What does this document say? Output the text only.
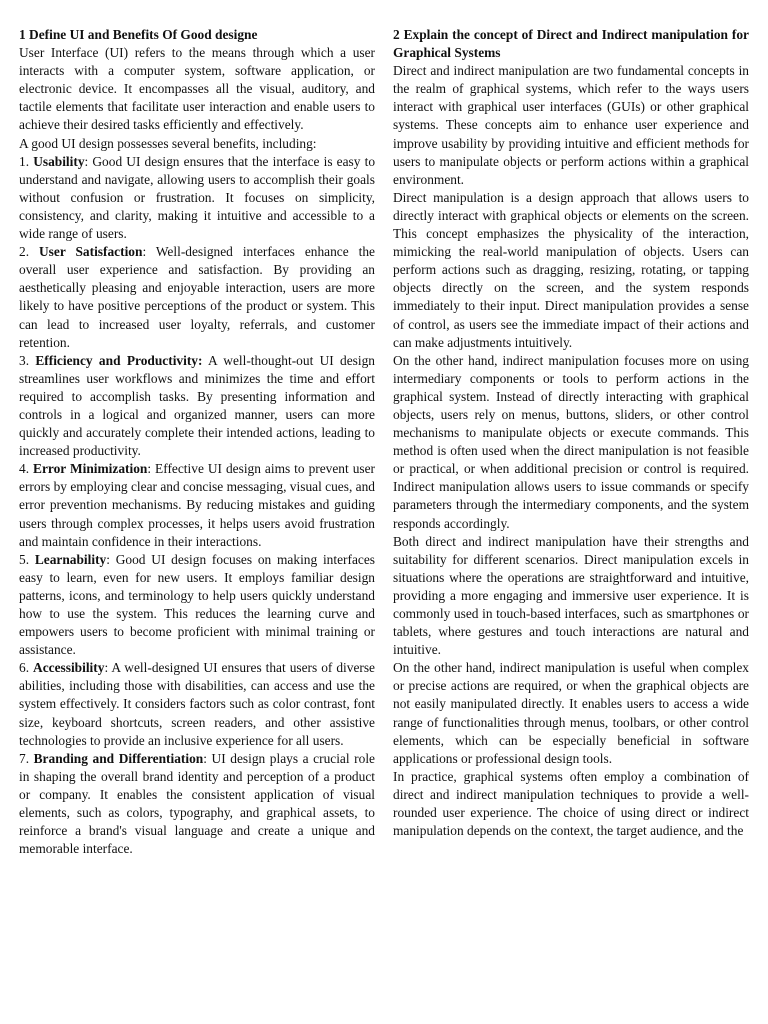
1 Define UI and Benefits Of Good designe

User Interface (UI) refers to the means through which a user interacts with a computer system, software application, or electronic device. It encompasses all the visual, auditory, and tactile elements that facilitate user interaction and enable users to achieve their desired tasks efficiently and effectively.

A good UI design possesses several benefits, including:

1. Usability: Good UI design ensures that the interface is easy to understand and navigate, allowing users to accomplish their goals without confusion or frustration. It focuses on simplicity, consistency, and clarity, making it intuitive and accessible to a wide range of users.

2. User Satisfaction: Well-designed interfaces enhance the overall user experience and satisfaction. By providing an aesthetically pleasing and enjoyable interaction, users are more likely to have positive perceptions of the product or system. This can lead to increased user loyalty, referrals, and customer retention.

3. Efficiency and Productivity: A well-thought-out UI design streamlines user workflows and minimizes the time and effort required to accomplish tasks. By presenting information and controls in a logical and organized manner, users can more quickly and accurately complete their intended actions, leading to increased productivity.

4. Error Minimization: Effective UI design aims to prevent user errors by employing clear and concise messaging, visual cues, and error prevention mechanisms. By reducing mistakes and guiding users through complex processes, it helps users avoid frustration and maintain confidence in their interactions.

5. Learnability: Good UI design focuses on making interfaces easy to learn, even for new users. It employs familiar design patterns, icons, and terminology to help users quickly understand how to use the system. This reduces the learning curve and empowers users to become proficient with minimal training or assistance.

6. Accessibility: A well-designed UI ensures that users of diverse abilities, including those with disabilities, can access and use the system effectively. It considers factors such as color contrast, font size, keyboard shortcuts, screen readers, and other assistive technologies to provide an inclusive experience for all users.

7. Branding and Differentiation: UI design plays a crucial role in shaping the overall brand identity and perception of a product or company. It enables the consistent application of visual elements, such as colors, typography, and graphical assets, to reinforce a brand's visual language and create a unique and memorable interface.

2 Explain the concept of Direct and Indirect manipulation for Graphical Systems

Direct and indirect manipulation are two fundamental concepts in the realm of graphical systems, which refer to the ways users interact with graphical user interfaces (GUIs) or other graphical systems. These concepts aim to enhance user experience and improve usability by providing intuitive and efficient methods for users to manipulate objects or perform actions within a graphical environment.

Direct manipulation is a design approach that allows users to directly interact with graphical objects or elements on the screen. This concept emphasizes the physicality of the interaction, mimicking the real-world manipulation of objects. Users can perform actions such as dragging, resizing, rotating, or tapping objects directly on the screen, and the system responds immediately to their input. Direct manipulation provides a sense of control, as users see the immediate impact of their actions and can make adjustments intuitively.

On the other hand, indirect manipulation focuses more on using intermediary components or tools to perform actions in the graphical system. Instead of directly interacting with graphical objects, users rely on menus, buttons, sliders, or other control mechanisms to manipulate objects or execute commands. This method is often used when the direct manipulation is not feasible or practical, or when additional precision or control is required. Indirect manipulation allows users to issue commands or specify parameters through the intermediary components, and the system responds accordingly.

Both direct and indirect manipulation have their strengths and suitability for different scenarios. Direct manipulation excels in situations where the operations are straightforward and intuitive, providing a more engaging and immersive user experience. It is commonly used in touch-based interfaces, such as smartphones or tablets, where gestures and touch interactions are natural and intuitive.

On the other hand, indirect manipulation is useful when complex or precise actions are required, or when the graphical objects are not easily manipulated directly. It enables users to access a wide range of functionalities through menus, toolbars, or other control elements, which can be especially beneficial in software applications or professional design tools.

In practice, graphical systems often employ a combination of direct and indirect manipulation techniques to provide a well-rounded user experience. The choice of using direct or indirect manipulation depends on the context, the target audience, and the
